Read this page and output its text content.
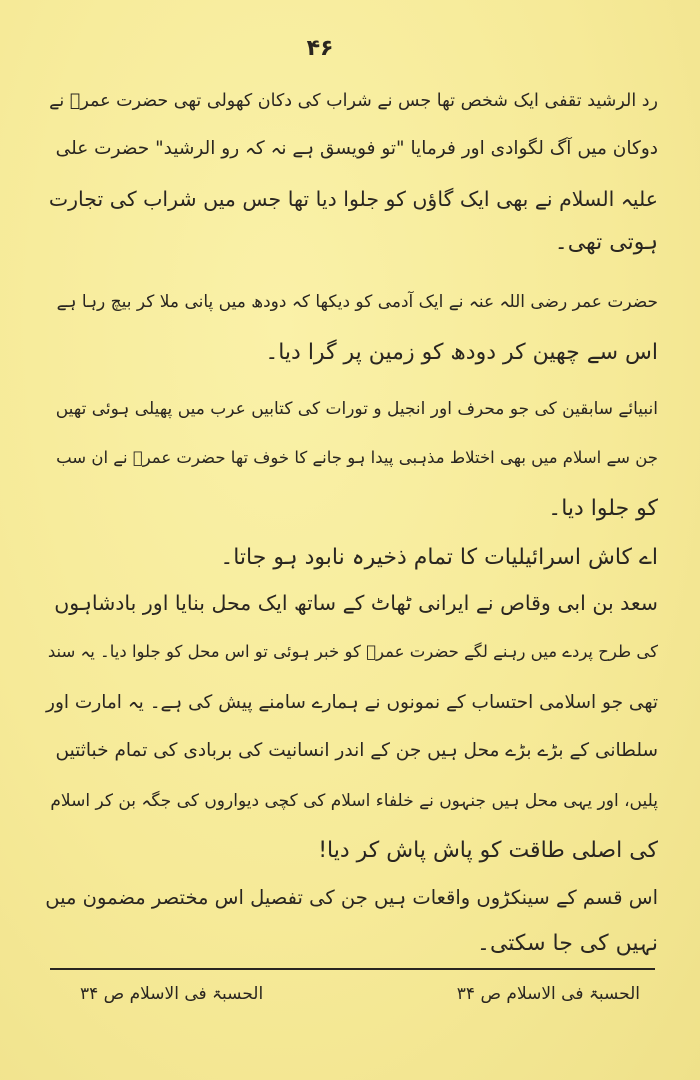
۴۶
رد الرشید تقفی ایک شخص تھا جس نے شراب کی دکان کھولی تھی حضرت عمرؓ نے
دوکان میں آگ لگوادی اور فرمایا "تو فویسق ہے نہ کہ رو الرشید" حضرت علی
علیہ السلام نے بھی ایک گاؤں کو جلوا دیا تھا جس میں شراب کی تجارت
ہوتی تھی۔
حضرت عمر رضی اللہ عنہ نے ایک آدمی کو دیکھا کہ دودھ میں پانی ملا کر بیچ رہا ہے
اس سے چھین کر دودھ کو زمین پر گرا دیا۔
انبیائے سابقین کی جو محرف اور انجیل و تورات کی کتابیں عرب میں پھیلی ہوئی تھیں
جن سے اسلام میں بھی اختلاط مذہبی پیدا ہو جانے کا خوف تھا حضرت عمرؓ نے ان سب
کو جلوا دیا۔
اے کاش اسرائیلیات کا تمام ذخیرہ نابود ہو جاتا۔
سعد بن ابی وقاص نے ایرانی ٹھاٹ کے ساتھ ایک محل بنایا اور بادشاہوں
کی طرح پردے میں رہنے لگے حضرت عمرؓ کو خبر ہوئی تو اس محل کو جلوا دیا۔ یہ سند
تھی جو اسلامی احتساب کے نمونوں نے ہمارے سامنے پیش کی ہے۔ یہ امارت اور
سلطانی کے بڑے بڑے محل ہیں جن کے اندر انسانیت کی بربادی کی تمام خباثتیں
پلیں، اور یہی محل ہیں جنہوں نے خلفاء اسلام کی کچی دیواروں کی جگہ بن کر اسلام
کی اصلی طاقت کو پاش پاش کر دیا!
اس قسم کے سینکڑوں واقعات ہیں جن کی تفصیل اس مختصر مضمون میں
نہیں کی جا سکتی۔
الحسبۃ فی الاسلام ص ۳۴
الحسبۃ فی الاسلام ص ۳۴
